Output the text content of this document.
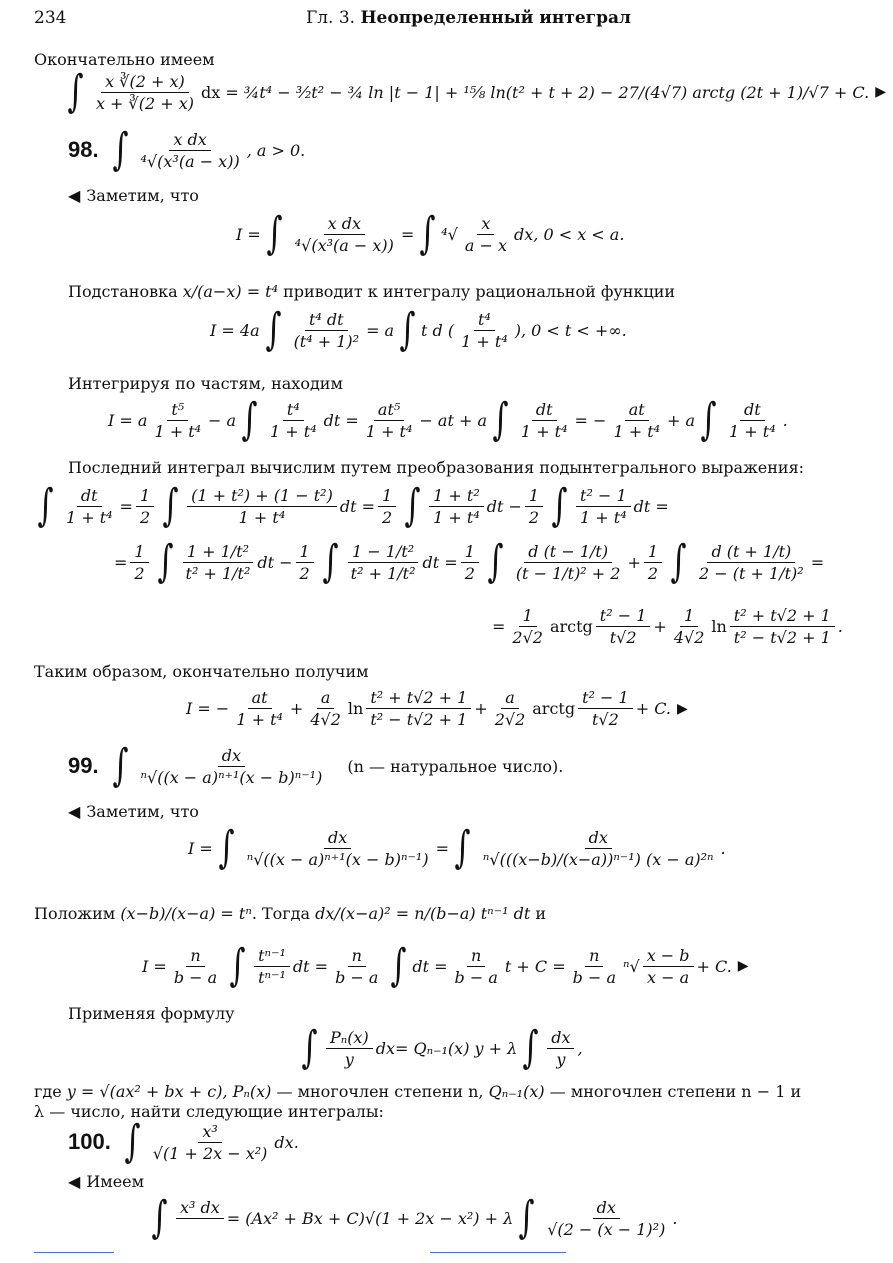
234	Гл. 3. Неопределенный интеграл
Окончательно имеем
∫ $\frac{x ∛(2 + x)}{x + ∛(2 + x)}$ dx = ¾t⁴ − ³⁄₂t² − ¾ ln |t − 1| + ¹⁵⁄₈ ln(t² + t + 2) − 27/(4√7) arctg (2t + 1)/√7 + C. ▶
98. ∫ $\frac{\text{x dx}}{\text{⁴√(x³(a − x))}}$ , a > 0.
◀ Заметим, что
I = ∫ $\frac{\text{x dx}}{\text{⁴√(x³(a − x))}}$ = ∫ $^4√ \frac{x}{a - x}$ dx, 0 < x < a.
Подстановка x/(a−x) = t⁴ приводит к интегралу рациональной функции
I = 4a ∫ $\frac{\text{t⁴ dt}}{\text{(t⁴ + 1)²}} = a$ ∫ t d ( $\frac{\text{t⁴}}{\text{1 + t⁴}}$ ) , 0 < t < +∞.
Интегрируя по частям, находим
I = a $\frac{\text{t⁵}}{\text{1 + t⁴}} - a$ ∫ $\frac{\text{t⁴}}{\text{1 + t⁴}}$ dt = $\frac{\text{at⁵}}{\text{1 + t⁴}}$ − at + a ∫ $\frac{dt}{\text{1 + t⁴}}$ = − $\frac{at}{\text{1 + t⁴}} + a$ ∫ $\frac{dt}{\text{1 + t⁴}}$ .
Последний интеграл вычислим путем преобразования подынтегрального выражения:
∫ $\frac{dt}{\text{1 + t⁴}} = \frac{1}{2}$ ∫ $\frac{\text{(1 + t²) + (1 − t²)}}{\text{1 + t⁴}}$ dt = $\frac{1}{2}$ ∫ $\frac{\text{1 + t²}}{\text{1 + t⁴}}$ dt − $\frac{1}{2}$ ∫ $\frac{\text{t² − 1}}{\text{1 + t⁴}}$ dt =
= $\frac{1}{2}$ ∫ $\frac{\text{1 + 1/t²}}{\text{t² + 1/t²}}$ dt − $\frac{1}{2}$ ∫ $\frac{\text{1 − 1/t²}}{\text{t² + 1/t²}}$ dt = $\frac{1}{2}$ ∫ $\frac{d (t - 1/t)}{\text{(t − 1/t)² + 2}} + \frac{1}{2}$ ∫ $\frac{d (t + 1/t)}{\text{2 − (t + 1/t)²}}$ =
= $\frac{1}{2√2}$ arctg $\frac{\text{t² − 1}}{t√2} + \frac{1}{4√2}$ $\ln \frac{\text{t² + t√2 + 1}}{\text{t² − t√2 + 1}}$ .
Таким образом, окончательно получим
I = − $\frac{at}{\text{1 + t⁴}} + \frac{a}{4√2}$ $\ln \frac{\text{t² + t√2 + 1}}{\text{t² − t√2 + 1}} + \frac{a}{2√2}$ arctg $\frac{\text{t² − 1}}{t√2} + C$. ▶
99. ∫ $\frac{dx}{\text{ⁿ√((x − a)ⁿ⁺¹(x − b)ⁿ⁻¹)}} (n$ — натуральное число).
◀ Заметим, что
I = ∫ $\frac{dx}{\text{ⁿ√((x − a)ⁿ⁺¹(x − b)ⁿ⁻¹)}}$ = ∫ $\frac{dx}{\text{ⁿ√(((x−b)/(x−a))ⁿ⁻¹) (x − a)²ⁿ}}$ .
Положим (x−b)/(x−a) = tⁿ. Тогда dx/(x−a)² = n/(b−a) tⁿ⁻¹ dt и
$I = \frac{n}{b - a}$ ∫ $\frac{\text{tⁿ⁻¹}}{\text{tⁿ⁻¹}}$ dt = $\frac{n}{b - a}$ ∫ dt = $\frac{n}{b - a}$ $t + C = \frac{n}{b - a} ^n√ \frac{x - b}{x - a} + C$. ▶
Применяя формулу
∫ $\frac{\text{Pₙ(x)}}{y}$ dx = Qₙ₋₁(x) y + λ ∫ $\frac{dx}{y}$ ,
где y = √(ax² + bx + c), Pₙ(x) — многочлен степени n, Qₙ₋₁(x) — многочлен степени n − 1 и
λ — число, найти следующие интегралы:
100. ∫ $\frac{\text{x³}}{\text{√(1 + 2x − x²)}}$ dx.
◀ Имеем
∫ x³ dx

= (Ax² + Bx + C)√(1 + 2x − x²) + λ ∫ $\frac{dx}{\text{√(2 − (x − 1)²)}}$ .
